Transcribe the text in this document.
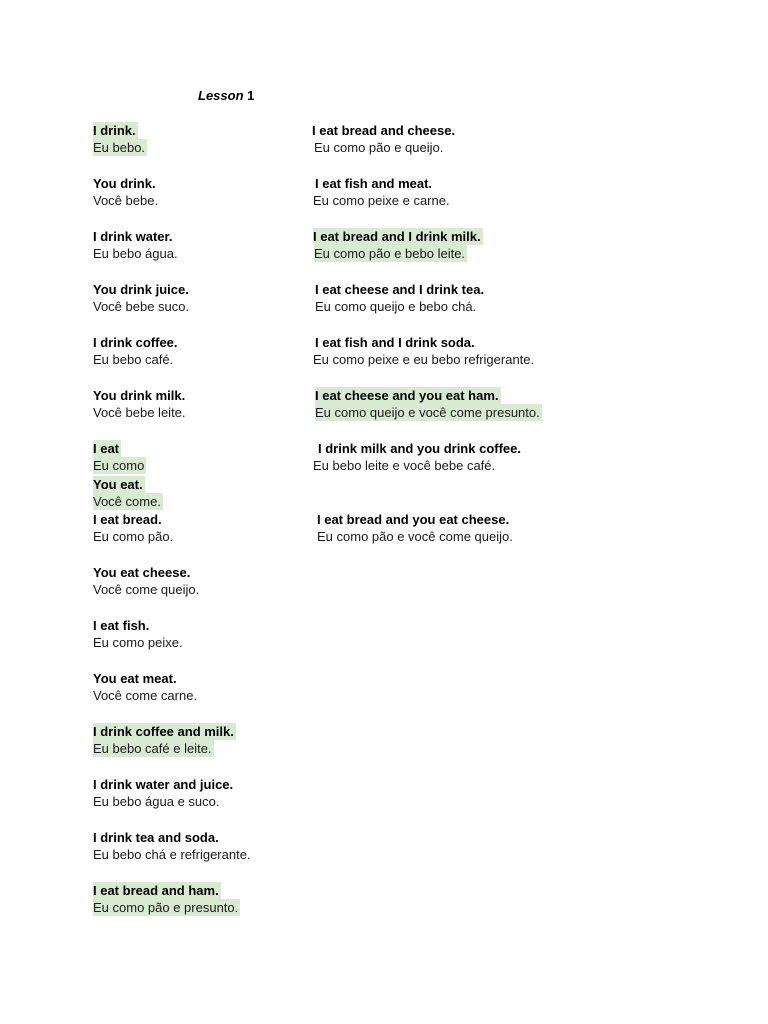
Lesson 1
I drink.
Eu bebo.
You drink.
Você bebe.
I drink water.
Eu bebo água.
You drink juice.
Você bebe suco.
I drink coffee.
Eu bebo café.
You drink milk.
Você bebe leite.
I eat
Eu como
You eat.
Você come.
I eat bread.
Eu como pão.
You eat cheese.
Você come queijo.
I eat fish.
Eu como peixe.
You eat meat.
Você come carne.
I drink coffee and milk.
Eu bebo café e leite.
I drink water and juice.
Eu bebo água e suco.
I drink tea and soda.
Eu bebo chá e refrigerante.
I eat bread and ham.
Eu como pão e presunto.
I eat bread and cheese.
Eu como pão e queijo.
I eat fish and meat.
Eu como peixe e carne.
I eat bread and I drink milk.
Eu como pão e bebo leite.
I eat cheese and I drink tea.
Eu como queijo e bebo chá.
I eat fish and I drink soda.
Eu como peixe e eu bebo refrigerante.
I eat cheese and you eat ham.
Eu como queijo e você come presunto.
I drink milk and you drink coffee.
Eu bebo leite e você bebe café.
I eat bread and you eat cheese.
Eu como pão e você come queijo.
